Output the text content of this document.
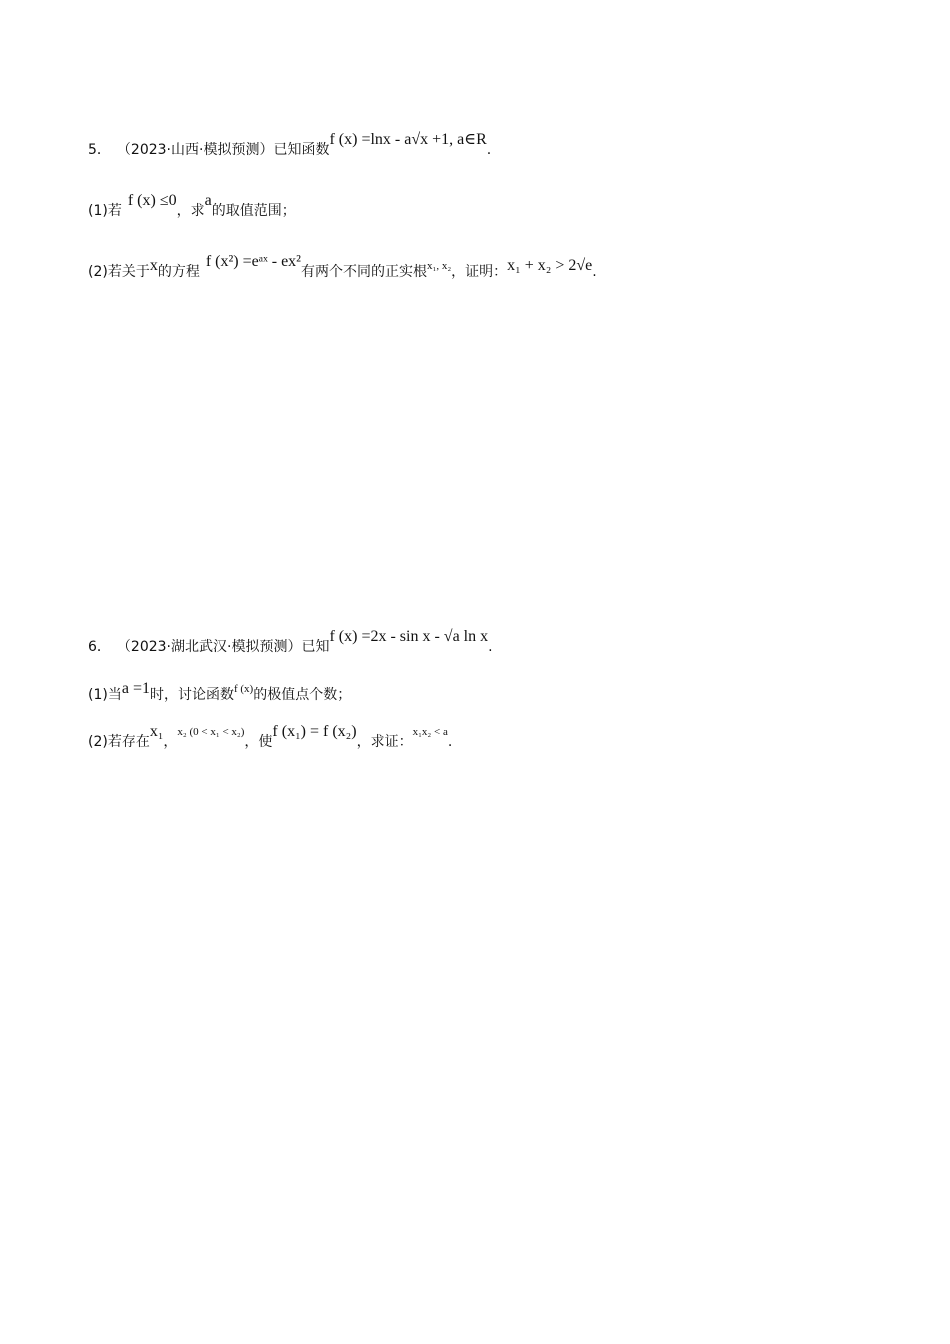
5． （2023·山西·模拟预测） 已知函数
f (x) =lnx - a√x +1, a∈R
.
(1)若
f (x) ≤0
，求
a
的取值范围；
(2)若关于 x 的方程
f (x²) =eᵃˣ - ex²
有两个不同的正实根 x₁, x₂ ，证明： x₁ + x₂ > 2√e .
6． （2023·湖北武汉·模拟预测） 已知
f (x) =2x - sin x - √a ln x
.
(1)当 a =1 时，讨论函数 f (x) 的极值点个数；
(2)若存在
x₁
，
x₂ (0 < x₁ < x₂)
，使
f (x₁) = f (x₂)
，求证：
x₁x₂ < a
.
